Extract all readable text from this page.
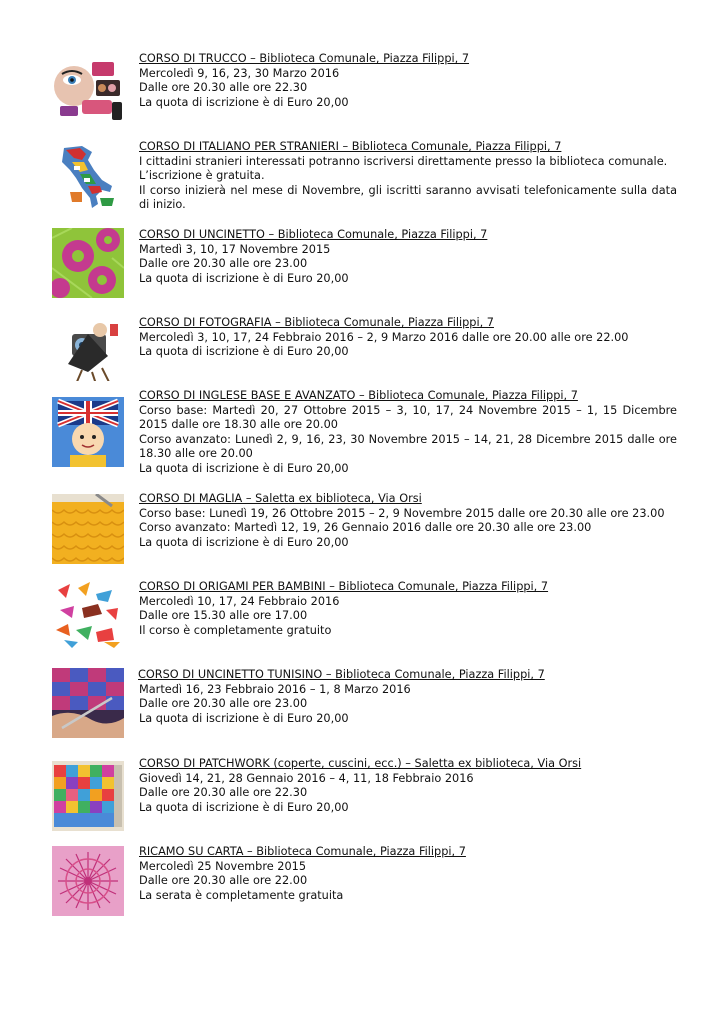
CORSO DI TRUCCO – Biblioteca Comunale, Piazza Filippi, 7
Mercoledì 9, 16, 23, 30 Marzo 2016
Dalle ore 20.30 alle ore 22.30
La quota di iscrizione è di Euro 20,00
CORSO DI ITALIANO PER STRANIERI – Biblioteca Comunale, Piazza Filippi, 7
I cittadini stranieri interessati potranno iscriversi direttamente presso la biblioteca comunale.
L’iscrizione è gratuita.
Il corso inizierà nel mese di Novembre, gli iscritti saranno avvisati telefonicamente sulla data di inizio.
CORSO DI UNCINETTO – Biblioteca Comunale, Piazza Filippi, 7
Martedì 3, 10, 17 Novembre 2015
Dalle ore 20.30 alle ore 23.00
La quota di iscrizione è di Euro 20,00
CORSO DI FOTOGRAFIA – Biblioteca Comunale, Piazza Filippi, 7
Mercoledì 3, 10, 17, 24 Febbraio 2016 – 2, 9 Marzo 2016 dalle ore 20.00 alle ore 22.00
La quota di iscrizione è di Euro 20,00
CORSO DI INGLESE BASE E AVANZATO – Biblioteca Comunale, Piazza Filippi, 7
Corso base: Martedì 20, 27 Ottobre 2015 – 3, 10, 17, 24 Novembre 2015 – 1, 15 Dicembre 2015 dalle ore 18.30 alle ore 20.00
Corso avanzato: Lunedì 2, 9, 16, 23, 30 Novembre 2015 – 14, 21, 28 Dicembre 2015 dalle ore 18.30 alle ore 20.00
La quota di iscrizione è di Euro 20,00
CORSO DI MAGLIA – Saletta ex biblioteca, Via Orsi
Corso base: Lunedì 19, 26 Ottobre 2015 – 2, 9 Novembre 2015 dalle ore 20.30 alle ore 23.00
Corso avanzato: Martedì 12, 19, 26 Gennaio 2016 dalle ore 20.30 alle ore 23.00
La quota di iscrizione è di Euro 20,00
CORSO DI ORIGAMI PER BAMBINI – Biblioteca Comunale, Piazza Filippi, 7
Mercoledì 10, 17, 24 Febbraio 2016
Dalle ore 15.30 alle ore 17.00
Il corso è completamente gratuito
CORSO DI UNCINETTO TUNISINO – Biblioteca Comunale, Piazza Filippi, 7
Martedì 16, 23 Febbraio 2016 – 1, 8 Marzo 2016
Dalle ore 20.30 alle ore 23.00
La quota di iscrizione è di Euro 20,00
CORSO DI PATCHWORK (coperte, cuscini, ecc.) – Saletta ex biblioteca, Via Orsi
Giovedì 14, 21, 28 Gennaio 2016 – 4, 11, 18 Febbraio 2016
Dalle ore 20.30 alle ore 22.30
La quota di iscrizione è di Euro 20,00
RICAMO SU CARTA – Biblioteca Comunale, Piazza Filippi, 7
Mercoledì 25 Novembre 2015
Dalle ore 20.30 alle ore 22.00
La serata è completamente gratuita
